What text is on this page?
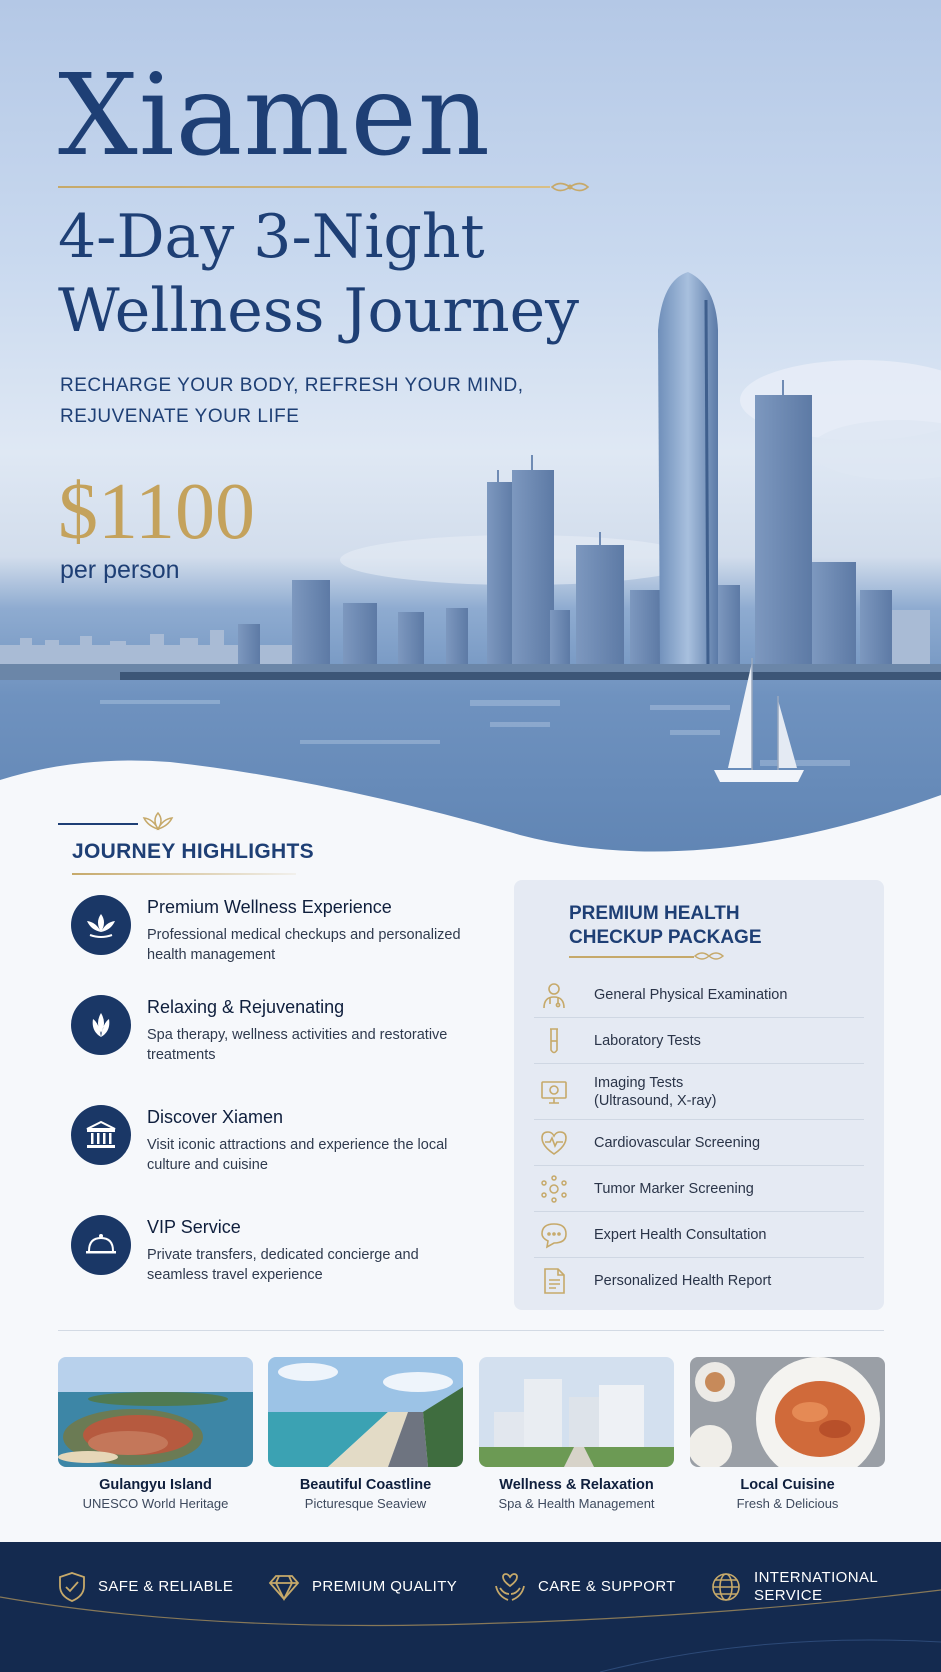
Xiamen
4-Day 3-Night
Wellness Journey
RECHARGE YOUR BODY, REFRESH YOUR MIND,
REJUVENATE YOUR LIFE
$1100
per person
JOURNEY HIGHLIGHTS
Premium Wellness Experience
Professional medical checkups and personalized health management
Relaxing & Rejuvenating
Spa therapy, wellness activities and restorative treatments
Discover Xiamen
Visit iconic attractions and experience the local culture and cuisine
VIP Service
Private transfers, dedicated concierge and seamless travel experience
PREMIUM HEALTH
CHECKUP PACKAGE
General Physical Examination
Laboratory Tests
Imaging Tests
(Ultrasound, X-ray)
Cardiovascular Screening
Tumor Marker Screening
Expert Health Consultation
Personalized Health Report
Gulangyu Island
UNESCO World Heritage
Beautiful Coastline
Picturesque Seaview
Wellness & Relaxation
Spa & Health Management
Local Cuisine
Fresh & Delicious
SAFE & RELIABLE	PREMIUM QUALITY	CARE & SUPPORT
INTERNATIONAL
SERVICE
